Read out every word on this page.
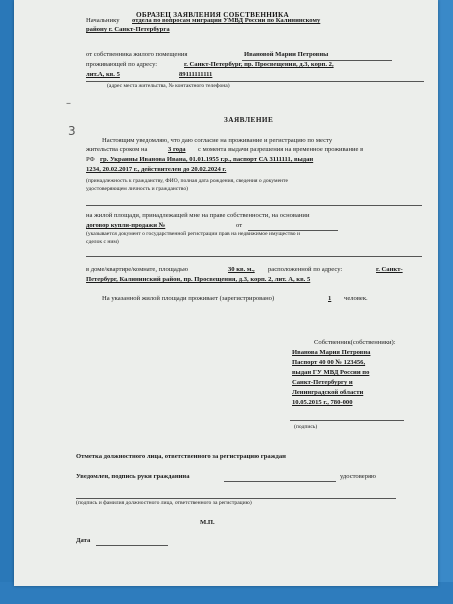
ОБРАЗЕЦ ЗАЯВЛЕНИЯ СОБСТВЕННИКА
Начальнику отдела по вопросам миграции УМВД России по Калининскому
району г. Санкт-Петербурга
от собственника жилого помещения	Ивановой Марии Петровны
проживающей по адресу:	г. Санкт-Петербург, пр. Просвещения, д.3, корп. 2,
лит.А, кв. 5	89111111111
(адрес места жительства, № контактного телефона)
–
ЗАЯВЛЕНИЕ
3
Настоящим уведомляю, что даю согласие на проживание и регистрацию по месту
жительства сроком на	3 года с момента выдачи разрешения на временное проживание в
РФ гр. Украины Иванова Ивана, 01.01.1955 г.р., паспорт СА 3111111, выдан
1234, 20.02.2017 г., действителен до 20.02.2024 г.
(принадлежность к гражданству, ФИО, полная дата рождения, сведения о документе
удостоверяющем личность и гражданство)
на жилой площади, принадлежащей мне на праве собственности, на основании
договор купли-продажи №	от
(указывается документ о государственной регистрации прав на недвижимое имущество и
сделок с ним)
в доме/квартире/комнате, площадью	30 кв. м., расположенной по адресу:	г. Санкт-
Петербург, Калининский район, пр. Просвещения, д.3, корп. 2, лит. А, кв. 5
На указанной жилой площади проживает (зарегистрировано)	1 человек.
Собственник(собственники):
Иванова Мария Петровна
Паспорт 40 00 № 123456,
выдан ГУ МВД России по
Санкт-Петербургу и
Ленинградской области
10.05.2015 г., 780-000
(подпись)
Отметка должностного лица, ответственного за регистрацию граждан
Уведомлен, подпись руки гражданина	удостоверяю
(подпись и фамилия должностного лица, ответственного за регистрацию)
М.П.
Дата
